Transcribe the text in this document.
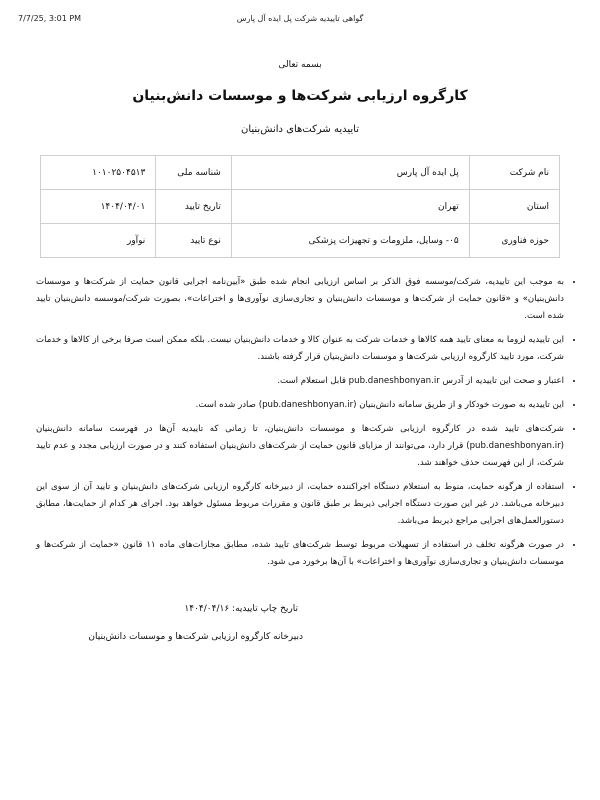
7/7/25, 3:01 PM	گواهی تاییدیه شرکت پل ایده آل پارس
بسمه تعالی
کارگروه ارزیابی شرکت‌ها و موسسات دانش‌بنیان
تاییدیه شرکت‌های دانش‌بنیان
نام شرکت	پل ایده آل پارس	شناسه ملی	۱۰۱۰۲۵۰۴۵۱۳
استان	تهران	تاریخ تایید	۱۴۰۴/۰۴/۰۱
حوزه فناوری	۰۵- وسایل، ملزومات و تجهیزات پزشکی	نوع تایید	نوآور
• به موجب این تاییدیه، شرکت/موسسه فوق الذکر بر اساس ارزیابی انجام شده طبق «آیین‌نامه اجرایی قانون حمایت از شرکت‌ها و موسسات دانش‌بنیان» و «قانون حمایت از شرکت‌ها و موسسات دانش‌بنیان و تجاری‌سازی نوآوری‌ها و اختراعات»، بصورت شرکت/موسسه دانش‌بنیان تایید شده است.
• این تاییدیه لزوما به معنای تایید همه کالاها و خدمات شرکت به عنوان کالا و خدمات دانش‌بنیان نیست. بلکه ممکن است صرفا برخی از کالاها و خدمات شرکت، مورد تایید کارگروه ارزیابی شرکت‌ها و موسسات دانش‌بنیان قرار گرفته باشند.
• اعتبار و صحت این تاییدیه از آدرس pub.daneshbonyan.ir قابل استعلام است.
• این تاییدیه به صورت خودکار و از طریق سامانه دانش‌بنیان (pub.daneshbonyan.ir) صادر شده است.
• شرکت‌های تایید شده در کارگروه ارزیابی شرکت‌ها و موسسات دانش‌بنیان، تا زمانی که تاییدیه آن‌ها در فهرست سامانه دانش‌بنیان (pub.daneshbonyan.ir) قرار دارد، می‌توانند از مزایای قانون حمایت از شرکت‌های دانش‌بنیان استفاده کنند و در صورت ارزیابی مجدد و عدم تایید شرکت، از این فهرست حذف خواهند شد.
• استفاده از هرگونه حمایت، منوط به استعلام دستگاه اجراکننده حمایت، از دبیرخانه کارگروه ارزیابی شرکت‌های دانش‌بنیان و تایید آن از سوی این دبیرخانه می‌باشد. در غیر این صورت دستگاه اجرایی ذیربط بر طبق قانون و مقررات مربوط مسئول خواهد بود. اجرای هر کدام از حمایت‌ها، مطابق دستورالعمل‌های اجرایی مراجع ذیربط می‌باشد.
• در صورت هرگونه تخلف در استفاده از تسهیلات مربوط توسط شرکت‌های تایید شده، مطابق مجازات‌های ماده ۱۱ قانون «حمایت از شرکت‌ها و موسسات دانش‌بنیان و تجاری‌سازی نوآوری‌ها و اختراعات» با آن‌ها برخورد می شود.
تاریخ چاپ تاییدیه: ۱۴۰۴/۰۴/۱۶
دبیرخانه کارگروه ارزیابی شرکت‌ها و موسسات دانش‌بنیان
